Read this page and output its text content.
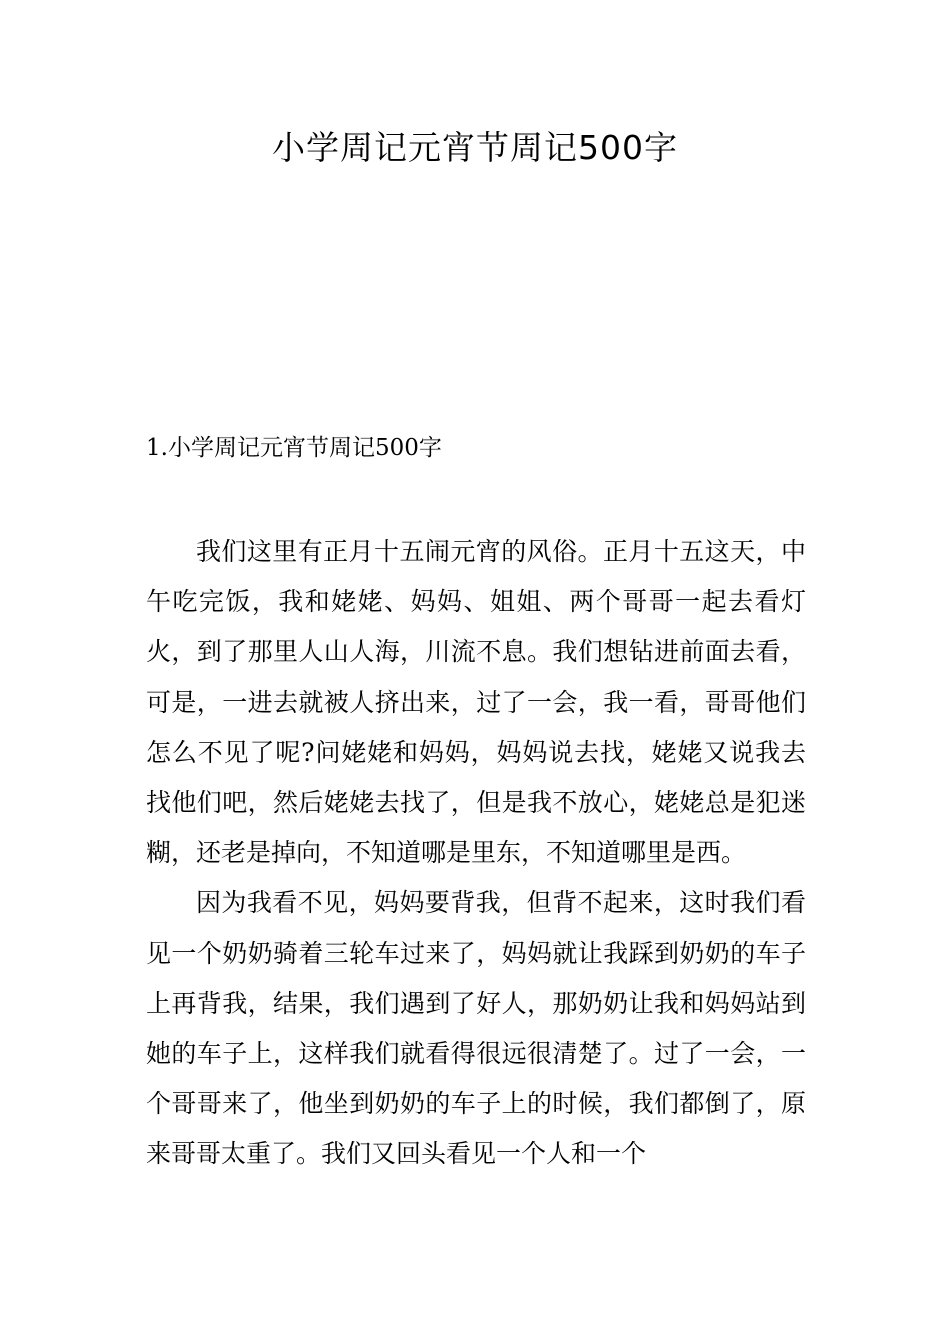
小学周记元宵节周记500字
1.小学周记元宵节周记500字

我们这里有正月十五闹元宵的风俗。正月十五这天，中午吃完饭，我和姥姥、妈妈、姐姐、两个哥哥一起去看灯火，到了那里人山人海，川流不息。我们想钻进前面去看，可是，一进去就被人挤出来，过了一会，我一看，哥哥他们怎么不见了呢?问姥姥和妈妈，妈妈说去找，姥姥又说我去找他们吧，然后姥姥去找了，但是我不放心，姥姥总是犯迷糊，还老是掉向，不知道哪是里东，不知道哪里是西。

因为我看不见，妈妈要背我，但背不起来，这时我们看见一个奶奶骑着三轮车过来了，妈妈就让我踩到奶奶的车子上再背我，结果，我们遇到了好人，那奶奶让我和妈妈站到她的车子上，这样我们就看得很远很清楚了。过了一会，一个哥哥来了，他坐到奶奶的车子上的时候，我们都倒了，原来哥哥太重了。我们又回头看见一个人和一个
